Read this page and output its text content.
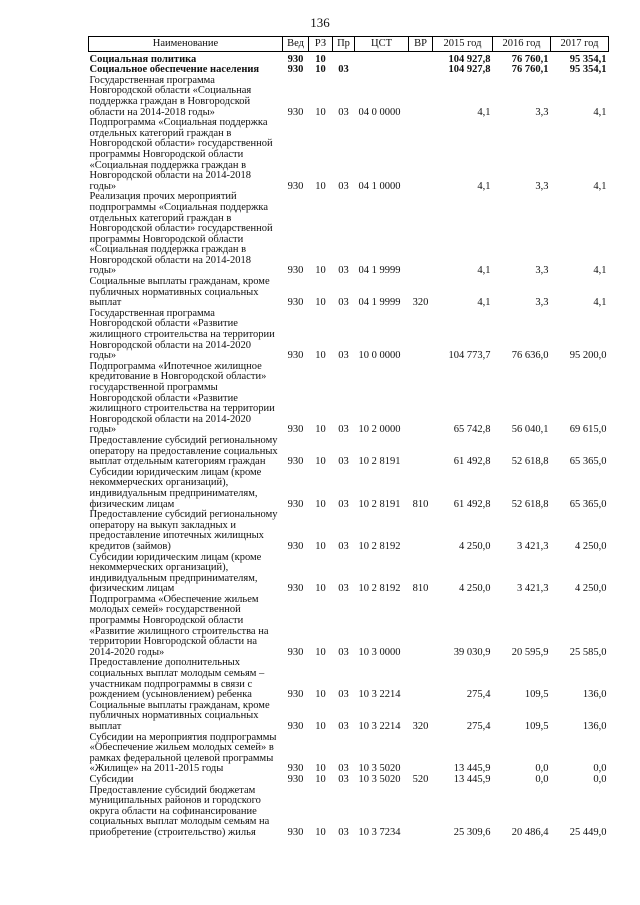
136
Наименование	Вед	РЗ	Пр	ЦСТ	ВР	2015 год	2016 год	2017 год
Социальная политика	930	10				104 927,8	76 760,1	95 354,1
Социальное обеспечение населения	930	10	03			104 927,8	76 760,1	95 354,1
Государственная программа Новгородской области «Социальная поддержка граждан в Новгородской области на 2014-2018 годы»	930	10	03	04 0 0000		4,1	3,3	4,1
Подпрограмма «Социальная поддержка отдельных категорий граждан в Новгородской области» государственной программы Новгородской области «Социальная поддержка граждан в Новгородской области на 2014-2018 годы»	930	10	03	04 1 0000		4,1	3,3	4,1
Реализация прочих мероприятий подпрограммы «Социальная поддержка отдельных категорий граждан в Новгородской области» государственной программы Новгородской области «Социальная поддержка граждан в Новгородской области на 2014-2018 годы»	930	10	03	04 1 9999		4,1	3,3	4,1
Социальные выплаты гражданам, кроме публичных нормативных социальных выплат	930	10	03	04 1 9999	320	4,1	3,3	4,1
Государственная программа Новгородской области «Развитие жилищного строительства на территории Новгородской области на 2014-2020 годы»	930	10	03	10 0 0000		104 773,7	76 636,0	95 200,0
Подпрограмма «Ипотечное жилищное кредитование в Новгородской области» государственной программы Новгородской области «Развитие жилищного строительства на территории Новгородской области на 2014-2020 годы»	930	10	03	10 2 0000		65 742,8	56 040,1	69 615,0
Предоставление субсидий региональному оператору на предоставление социальных выплат отдельным категориям граждан	930	10	03	10 2 8191		61 492,8	52 618,8	65 365,0
Субсидии юридическим лицам (кроме некоммерческих организаций), индивидуальным предпринимателям, физическим лицам	930	10	03	10 2 8191	810	61 492,8	52 618,8	65 365,0
Предоставление субсидий региональному оператору на выкуп закладных и предоставление ипотечных жилищных кредитов (займов)	930	10	03	10 2 8192		4 250,0	3 421,3	4 250,0
Субсидии юридическим лицам (кроме некоммерческих организаций), индивидуальным предпринимателям, физическим лицам	930	10	03	10 2 8192	810	4 250,0	3 421,3	4 250,0
Подпрограмма «Обеспечение жильем молодых семей» государственной программы Новгородской области «Развитие жилищного строительства на территории Новгородской области на 2014-2020 годы»	930	10	03	10 3 0000		39 030,9	20 595,9	25 585,0
Предоставление дополнительных социальных выплат молодым семьям – участникам подпрограммы в связи с рождением (усыновлением) ребенка	930	10	03	10 3 2214		275,4	109,5	136,0
Социальные выплаты гражданам, кроме публичных нормативных социальных выплат	930	10	03	10 3 2214	320	275,4	109,5	136,0
Субсидии на мероприятия подпрограммы «Обеспечение жильем молодых семей» в рамках федеральной целевой программы «Жилище» на 2011-2015 годы	930	10	03	10 3 5020		13 445,9	0,0	0,0
Субсидии	930	10	03	10 3 5020	520	13 445,9	0,0	0,0
Предоставление субсидий бюджетам муниципальных районов и городского округа области на софинансирование социальных выплат молодым семьям на приобретение (строительство) жилья	930	10	03	10 3 7234		25 309,6	20 486,4	25 449,0
